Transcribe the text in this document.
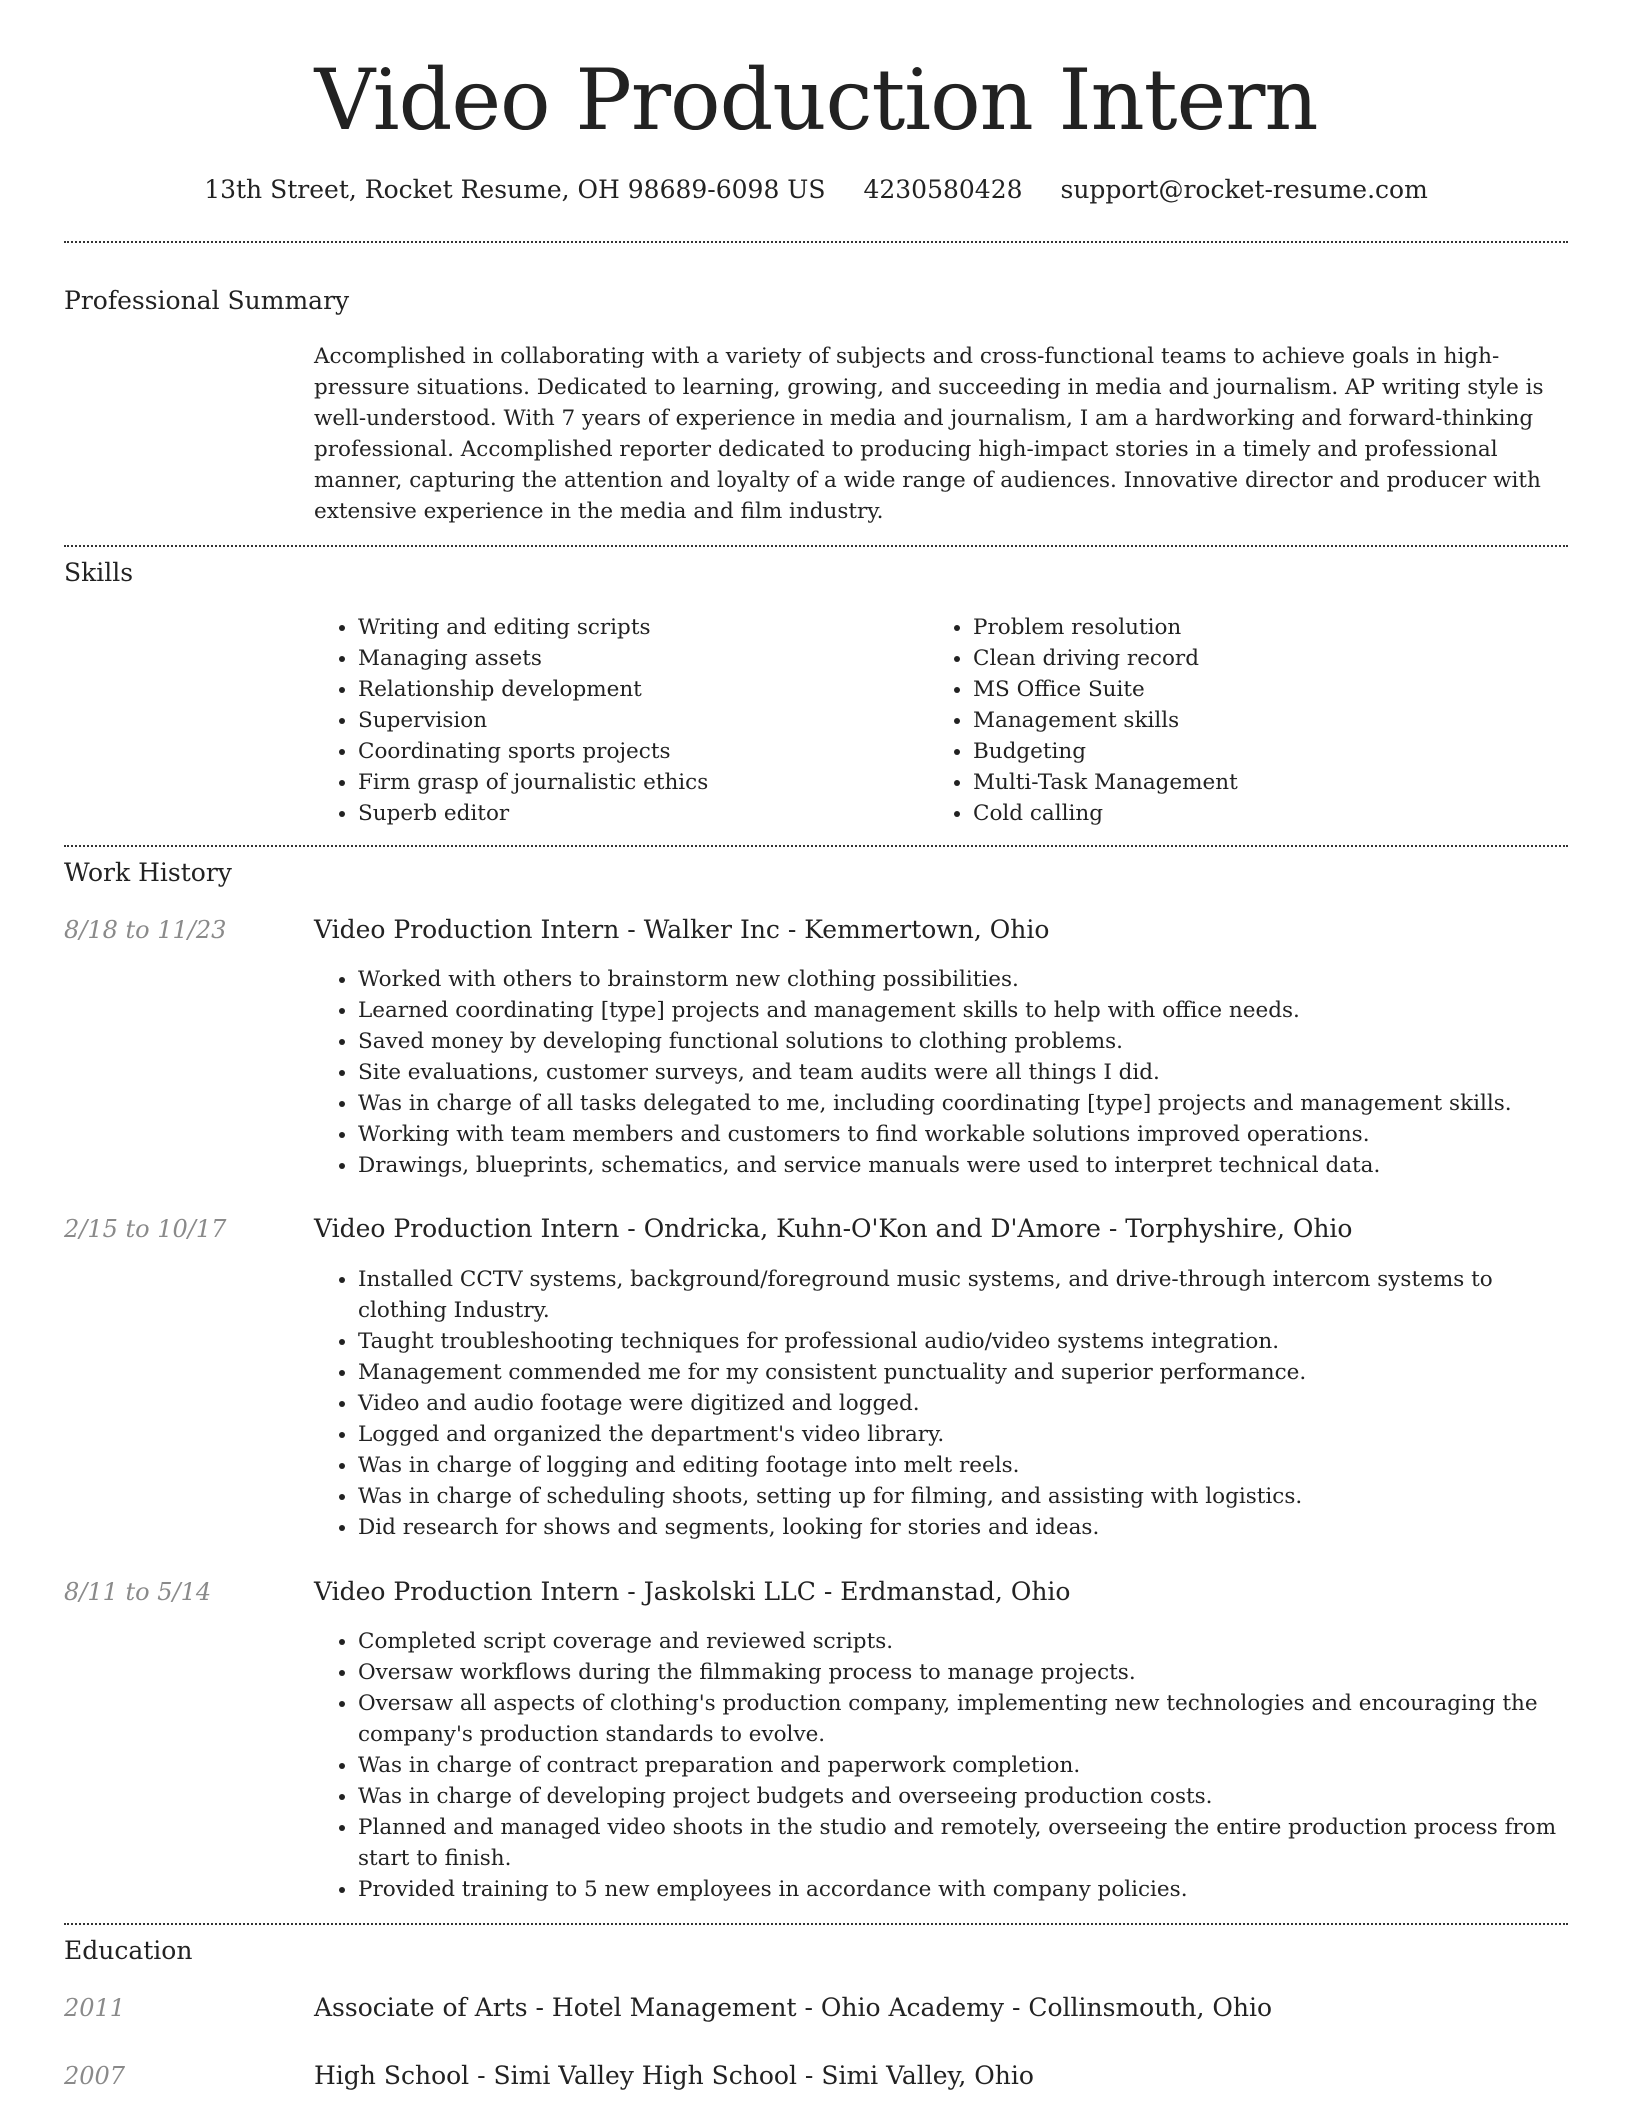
Video Production Intern
13th Street, Rocket Resume, OH 98689-6098 US 4230580428 support@rocket-resume.com
Professional Summary
Accomplished in collaborating with a variety of subjects and cross-functional teams to achieve goals in high-pressure situations. Dedicated to learning, growing, and succeeding in media and journalism. AP writing style is well-understood. With 7 years of experience in media and journalism, I am a hardworking and forward-thinking professional. Accomplished reporter dedicated to producing high-impact stories in a timely and professional manner, capturing the attention and loyalty of a wide range of audiences. Innovative director and producer with extensive experience in the media and film industry.
Skills
• Writing and editing scripts
• Managing assets
• Relationship development
• Supervision
• Coordinating sports projects
• Firm grasp of journalistic ethics
• Superb editor
• Problem resolution
• Clean driving record
• MS Office Suite
• Management skills
• Budgeting
• Multi-Task Management
• Cold calling
Work History
8/18 to 11/23	Video Production Intern - Walker Inc - Kemmertown, Ohio
• Worked with others to brainstorm new clothing possibilities.
• Learned coordinating [type] projects and management skills to help with office needs.
• Saved money by developing functional solutions to clothing problems.
• Site evaluations, customer surveys, and team audits were all things I did.
• Was in charge of all tasks delegated to me, including coordinating [type] projects and management skills.
• Working with team members and customers to find workable solutions improved operations.
• Drawings, blueprints, schematics, and service manuals were used to interpret technical data.
2/15 to 10/17	Video Production Intern - Ondricka, Kuhn-O'Kon and D'Amore - Torphyshire, Ohio
• Installed CCTV systems, background/foreground music systems, and drive-through intercom systems to clothing Industry.
• Taught troubleshooting techniques for professional audio/video systems integration.
• Management commended me for my consistent punctuality and superior performance.
• Video and audio footage were digitized and logged.
• Logged and organized the department's video library.
• Was in charge of logging and editing footage into melt reels.
• Was in charge of scheduling shoots, setting up for filming, and assisting with logistics.
• Did research for shows and segments, looking for stories and ideas.
8/11 to 5/14	Video Production Intern - Jaskolski LLC - Erdmanstad, Ohio
• Completed script coverage and reviewed scripts.
• Oversaw workflows during the filmmaking process to manage projects.
• Oversaw all aspects of clothing's production company, implementing new technologies and encouraging the company's production standards to evolve.
• Was in charge of contract preparation and paperwork completion.
• Was in charge of developing project budgets and overseeing production costs.
• Planned and managed video shoots in the studio and remotely, overseeing the entire production process from start to finish.
• Provided training to 5 new employees in accordance with company policies.
Education
2011	Associate of Arts - Hotel Management - Ohio Academy - Collinsmouth, Ohio
2007	High School - Simi Valley High School - Simi Valley, Ohio
